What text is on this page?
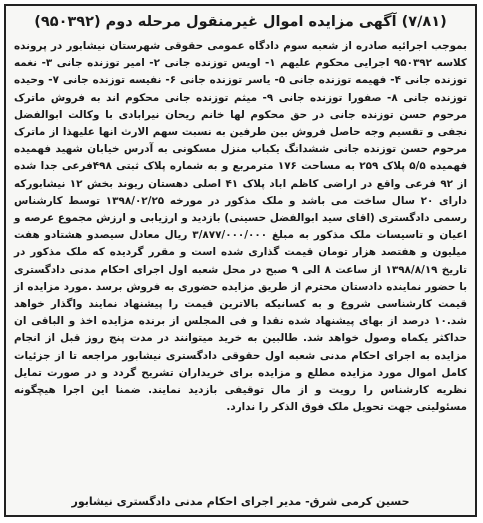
(۷/۸۱) آگهی مزایده اموال غیرمنقول مرحله دوم (۹۵۰۳۹۲)

بموجب اجرائیه صادره از شعبه سوم دادگاه عمومی حقوقی شهرستان نیشابور در پرونده کلاسه ۹۵۰۳۹۲ اجرایی محکوم علیهم ۱- اویس توزنده جانی ۲- امیر توزنده جانی ۳- نغمه توزنده جانی ۴- فهیمه توزنده جانی ۵- یاسر توزنده جانی ۶- نفیسه توزنده جانی ۷- وحیده توزنده جانی ۸- صفورا توزنده جانی ۹- میثم توزنده جانی محکوم اند به فروش ماترک مرحوم حسن توزنده جانی در حق محکوم لها خانم ریحان نیرابادی با وکالت ابوالفضل نجفی و تقسیم وجه حاصل فروش بین طرفین به نسبت سهم الارث انها علیهذا از ماترک مرحوم حسن توزنده جانی ششدانگ یکباب منزل مسکونی به آدرس خیابان شهید فهمیده فهمیده ۵/۵ پلاک ۲۵۹ به مساحت ۱۷۶ مترمربع و به شماره پلاک ثبتی ۴۹۸فرعی جدا شده از ۹۲ فرعی واقع در اراضی کاظم اباد پلاک ۴۱ اصلی دهستان ریوند بخش ۱۲ نیشابورکه دارای ۲۰ سال ساخت می باشد و ملک مذکور در مورخه ۱۳۹۸/۰۲/۲۵ توسط کارشناس رسمی دادگستری (اقای سید ابوالفضل حسینی) بازدید و ارزیابی و ارزش مجموع عرصه و اعیان و تاسیسات ملک مذکور به مبلغ ۳/۸۷۷/۰۰۰/۰۰۰ ریال معادل سیصدو هشتادو هفت میلیون و هفتصد هزار تومان قیمت گذاری شده است و مقرر گردیده که ملک مذکور در تاریخ ۱۳۹۸/۸/۱۹ از ساعت ۸ الی ۹ صبح در محل شعبه اول اجرای احکام مدنی دادگستری با حضور نماینده دادستان محترم از طریق مزایده حضوری به فروش برسد .مورد مزایده از قیمت کارشناسی شروع و به کسانیکه بالاترین قیمت را پیشنهاد نمایند واگذار خواهد شد.۱۰ درصد از بهای پیشنهاد شده نقدا و فی المجلس از برنده مزایده اخذ و الباقی ان حداکثر یکماه وصول خواهد شد. طالبین به خرید میتوانند در مدت پنج روز قبل از انجام مزایده به اجرای احکام مدنی شعبه اول حقوقی دادگستری نیشابور مراجعه تا از جزئیات کامل اموال مورد مزایده مطلع و مزایده برای خریداران تشریح گردد و در صورت تمایل نظریه کارشناس را رویت و از مال توقیفی بازدید نمایند. ضمنا این اجرا هیچگونه مسئولیتی جهت تحویل ملک فوق الذکر را ندارد.

حسین کرمی شرق- مدیر اجرای احکام مدنی دادگستری نیشابور
